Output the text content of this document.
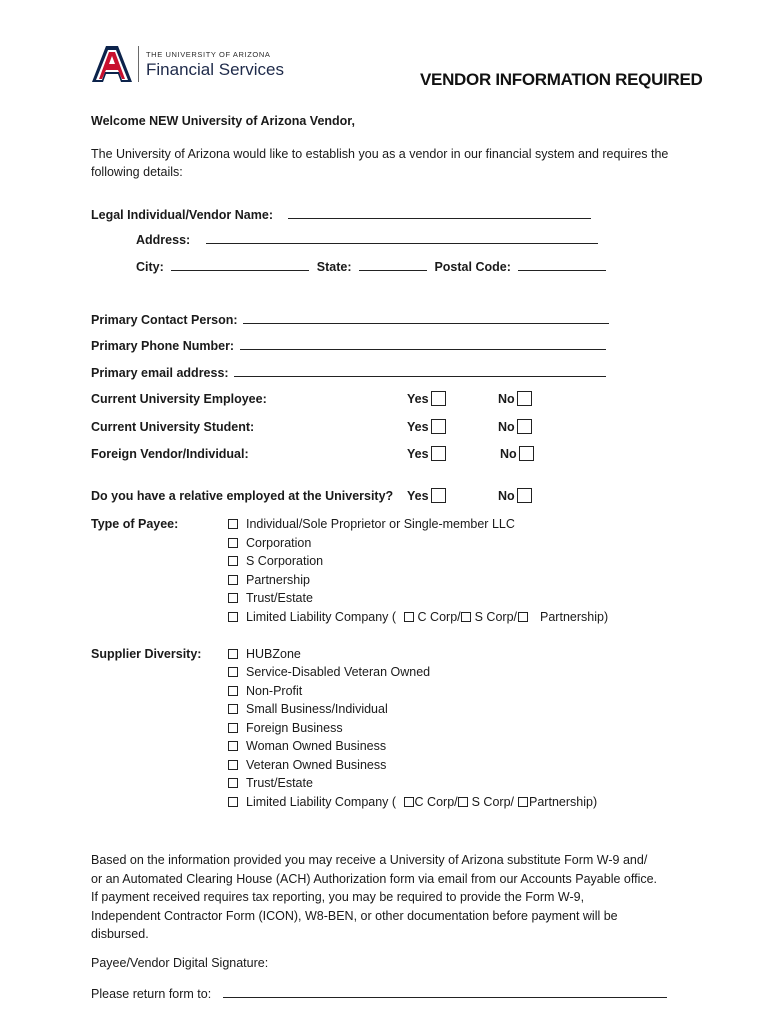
THE UNIVERSITY OF ARIZONA
Financial Services
VENDOR INFORMATION REQUIRED
Welcome NEW University of Arizona Vendor,
The University of Arizona would like to establish you as a vendor in our financial system and requires the
following details:
Legal Individual/Vendor Name:
Address:
City:	State:	Postal Code:
Primary Contact Person:
Primary Phone Number:
Primary email address:
Current University Employee:	Yes	No
Current University Student:	Yes	No
Foreign Vendor/Individual:	Yes	No
Do you have a relative employed at the University? Yes	No
Type of Payee:	Individual/Sole Proprietor or Single-member LLC
Corporation
S Corporation
Partnership
Trust/Estate
Limited Liability Company ( C Corp/ S Corp/ Partnership)
Supplier Diversity:	HUBZone
Service-Disabled Veteran Owned
Non-Profit
Small Business/Individual
Foreign Business
Woman Owned Business
Veteran Owned Business
Trust/Estate
Limited Liability Company ( C Corp/ S Corp/ Partnership)
Based on the information provided you may receive a University of Arizona substitute Form W-9 and/
or an Automated Clearing House (ACH) Authorization form via email from our Accounts Payable office.
If payment received requires tax reporting, you may be required to provide the Form W-9,
Independent Contractor Form (ICON), W8-BEN, or other documentation before payment will be
disbursed.
Payee/Vendor Digital Signature:
Please return form to:
